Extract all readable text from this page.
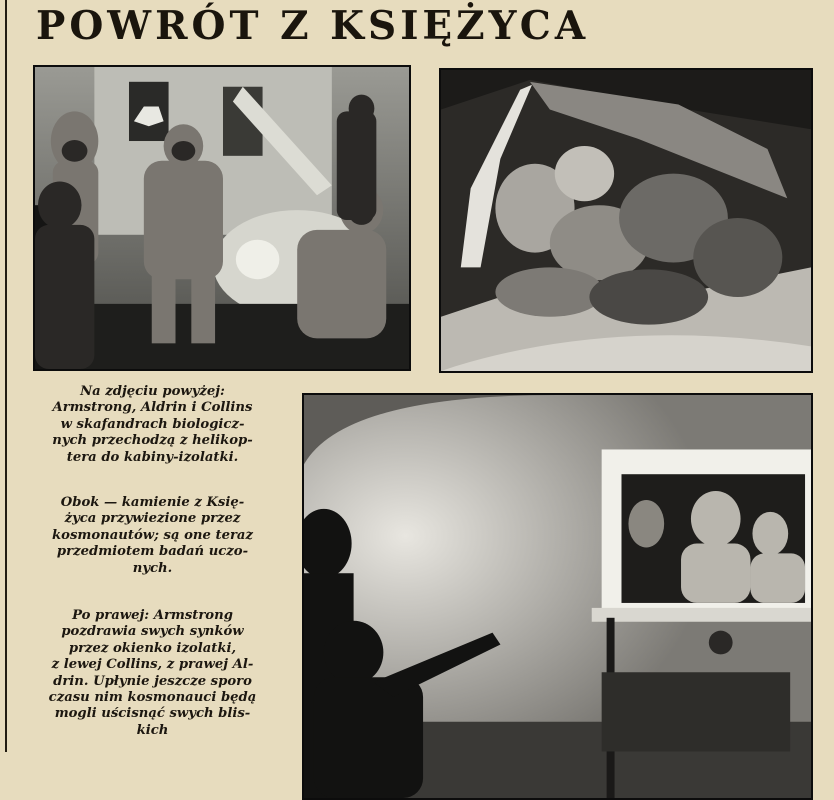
POWRÓT Z KSIĘŻYCA
Na zdjęciu powyżej:
Armstrong, Aldrin i Collins
w skafandrach biologicz-
nych przechodzą z helikop-
tera do kabiny-izolatki.
Obok — kamienie z Księ-
życa przywiezione przez
kosmonautów; są one teraz
przedmiotem badań uczo-
nych.
Po prawej: Armstrong
pozdrawia swych synków
przez okienko izolatki,
z lewej Collins, z prawej Al-
drin. Upłynie jeszcze sporo
czasu nim kosmonauci będą
mogli uścisnąć swych blis-
kich
